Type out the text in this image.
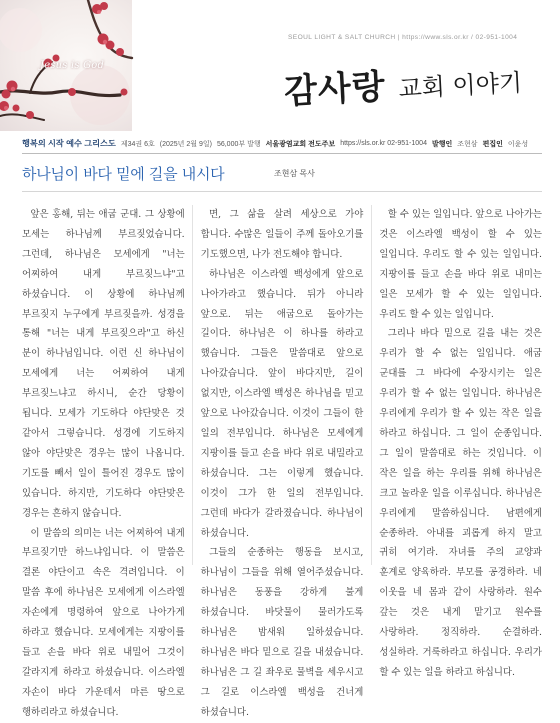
Jesus is God
SEOUL LIGHT & SALT CHURCH | https://www.sls.or.kr / 02-951-1004
감사랑 교회 이야기
행복의 시작 예수 그리스도 제34권 6호 (2025년 2월 9일) 56,000부 발행 서울광염교회 전도주보 https://sls.or.kr 02-951-1004 발행인 조현삼 편집인 이윤성
하나님이 바다 밑에 길을 내시다	조현삼 목사

앞은 홍해, 뒤는 애굽 군대. 그 상황에 모세는 하나님께 부르짖었습니다. 그런데, 하나님은 모세에게 "너는 어찌하여 내게 부르짖느냐"고 하셨습니다. 이 상황에 하나님께 부르짖지 누구에게 부르짖을까. 성경을 통해 "너는 내게 부르짖으라"고 하신 분이 하나님입니다. 이런 신 하나님이 모세에게 너는 어찌하여 내게 부르짖느냐고 하시니, 순간 당황이 됩니다. 모세가 기도하다 야단맞은 것 같아서 그렇습니다. 성경에 기도하지 않아 야단맞은 경우는 많이 나옵니다. 기도를 빼서 일이 틀어진 경우도 많이 있습니다. 하지만, 기도하다 야단맞은 경우는 흔하지 않습니다.

이 말씀의 의미는 너는 어찌하여 내게 부르짖기만 하느냐입니다. 이 말씀은 결론 야단이고 속은 격려입니다. 이 말씀 후에 하나님은 모세에게 이스라엘 자손에게 명령하여 앞으로 나아가게 하라고 했습니다. 모세에게는 지팡이를 들고 손을 바다 위로 내밀어 그것이 갈라지게 하라고 하셨습니다. 이스라엘 자손이 바다 가운데서 마른 땅으로 행하리라고 하셨습니다.

면, 그 삶을 살려 세상으로 가야 합니다. 수많은 일들이 주께 돌아오기를 기도했으면, 나가 전도해야 합니다.

하나님은 이스라엘 백성에게 앞으로 나아가라고 했습니다. 뒤가 아니라 앞으로. 뒤는 애굽으로 돌아가는 길이다. 하나님은 이 하나를 하라고 했습니다. 그들은 말씀대로 앞으로 나아갔습니다. 앞이 바다지만, 길이 없지만, 이스라엘 백성은 하나님을 믿고 앞으로 나아갔습니다. 이것이 그들이 한 일의 전부입니다. 하나님은 모세에게 지팡이를 들고 손을 바다 위로 내밀라고 하셨습니다. 그는 이렇게 했습니다. 이것이 그가 한 일의 전부입니다. 그런데 바다가 갈라졌습니다. 하나님이 하셨습니다.

그들의 순종하는 행동을 보시고, 하나님이 그들을 위해 열어주셨습니다. 하나님은 동풍을 강하게 불게 하셨습니다. 바닷물이 물러가도록 하나님은 밤새워 일하셨습니다. 하나님은 바다 밑으로 길을 내셨습니다. 하나님은 그 길 좌우로 물벽을 세우시고 그 길로 이스라엘 백성을 건너게 하셨습니다.

할 수 있는 일입니다. 앞으로 나아가는 것은 이스라엘 백성이 할 수 있는 일입니다. 우리도 할 수 있는 일입니다. 지팡이를 들고 손을 바다 위로 내미는 일은 모세가 할 수 있는 일입니다. 우리도 할 수 있는 일입니다.

그리나 바다 밑으로 길을 내는 것은 우리가 할 수 없는 일입니다. 애굽 군대를 그 바다에 수장시키는 일은 우리가 할 수 없는 일입니다. 하나님은 우리에게 우리가 할 수 있는 작은 일을 하라고 하십니다. 그 일이 순종입니다. 그 일이 말씀대로 하는 것입니다. 이 작은 일을 하는 우리를 위해 하나님은 크고 놀라운 일을 이루십니다. 하나님은 우리에게 말씀하십니다. 남편에게 순종하라. 아내를 괴롭게 하지 말고 귀히 여기라. 자녀를 주의 교양과 훈계로 양육하라. 부모를 공경하라. 네 이웃을 네 몸과 같이 사랑하라. 원수 갚는 것은 내게 맡기고 원수를 사랑하라. 정직하라. 순결하라. 성실하라. 거룩하라고 하십니다. 우리가 할 수 있는 일을 하라고 하십니다.
